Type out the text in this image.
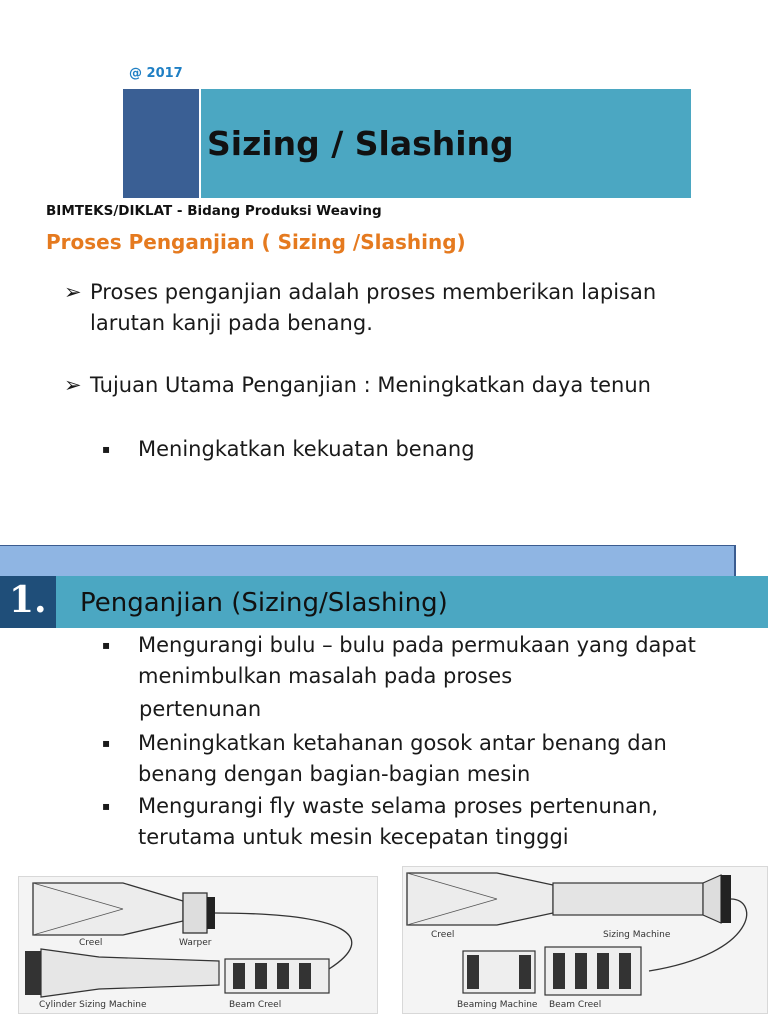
@ 2017
Sizing / Slashing
BIMTEKS/DIKLAT - Bidang Produksi Weaving
Proses Penganjian ( Sizing /Slashing)
➢ Proses penganjian adalah proses memberikan lapisan larutan kanji pada benang.
➢ Tujuan Utama Penganjian : Meningkatkan daya tenun
▪ Meningkatkan kekuatan benang
1. Penganjian (Sizing/Slashing)
▪ Mengurangi bulu – bulu pada permukaan yang dapat menimbulkan masalah pada proses
pertenunan
▪ Meningkatkan ketahanan gosok antar benang dan benang dengan bagian-bagian mesin
▪ Mengurangi fly waste selama proses pertenunan, terutama untuk mesin kecepatan tingggi
Creel	Warper
Cylinder Sizing Machine	Beam Creel
Creel	Sizing Machine
Beaming Machine Beam Creel
